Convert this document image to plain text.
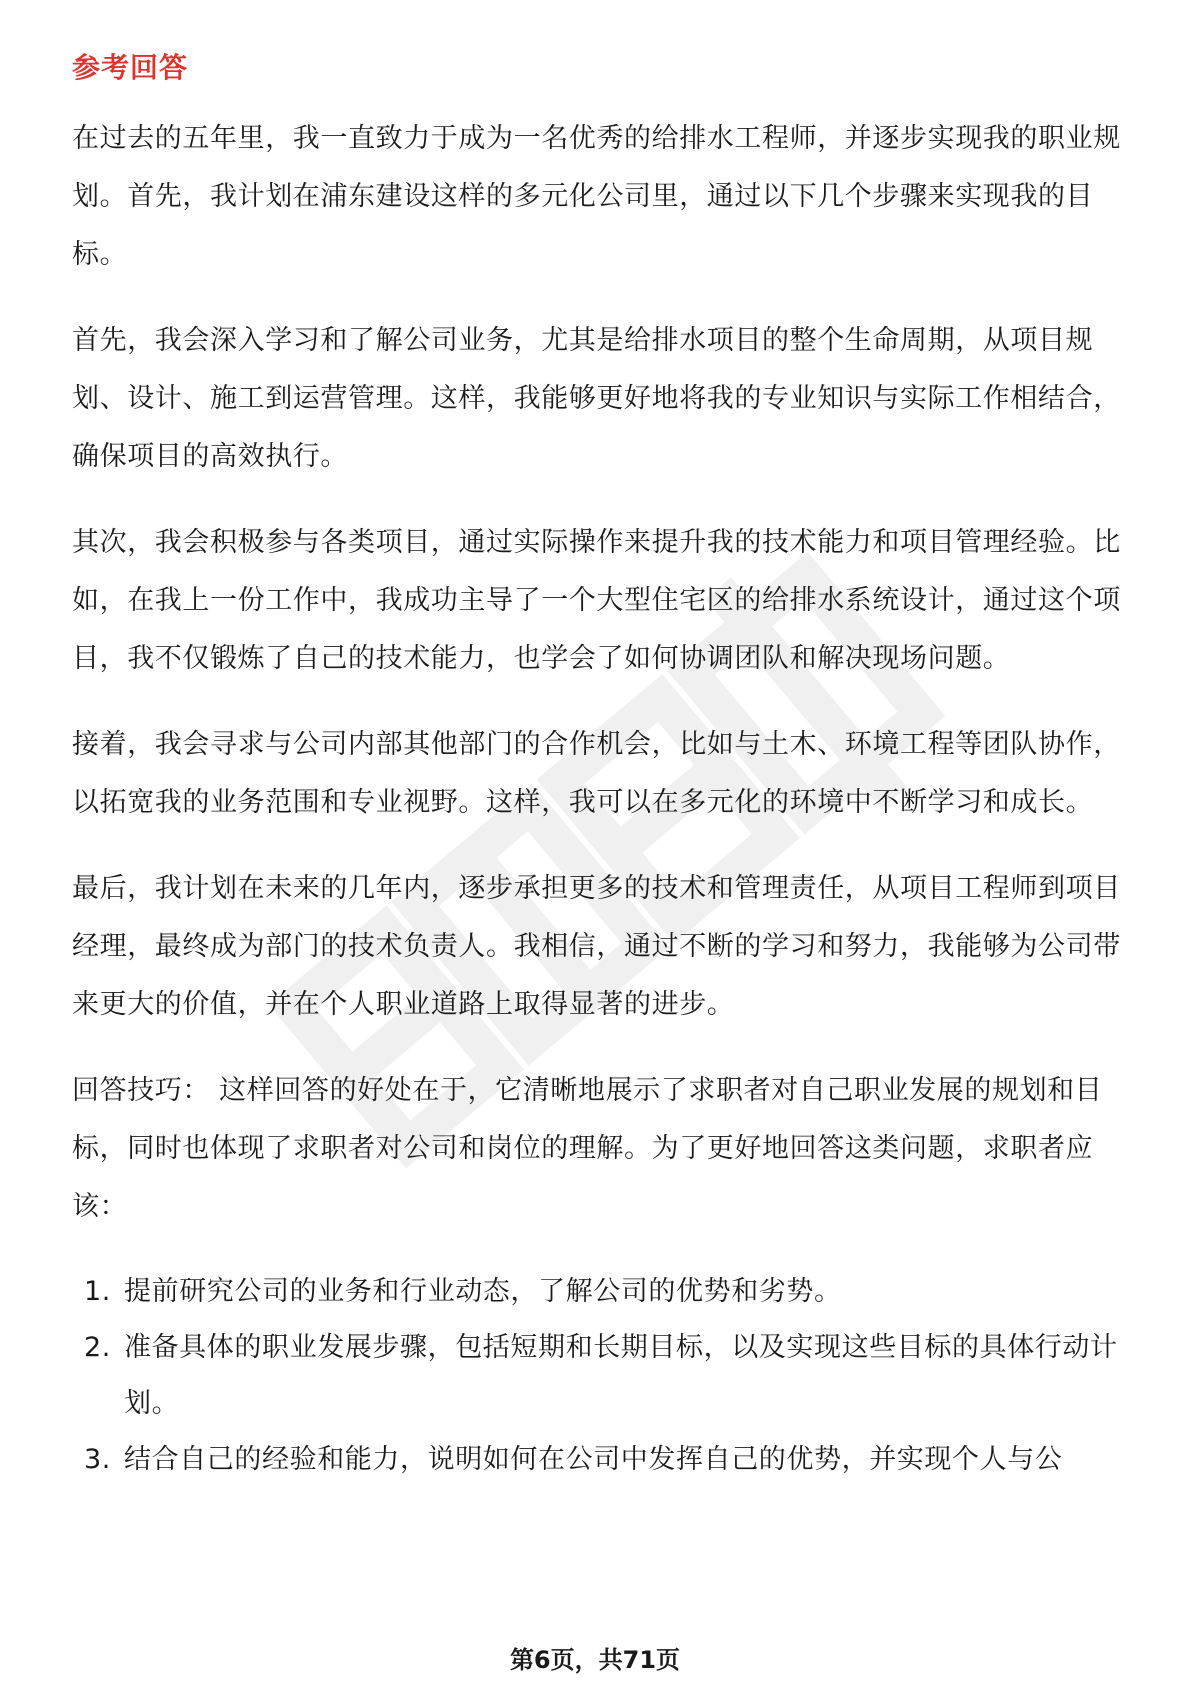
参考回答

在过去的五年里，我一直致力于成为一名优秀的给排水工程师，并逐步实现我的职业规划。首先，我计划在浦东建设这样的多元化公司里，通过以下几个步骤来实现我的目标。

首先，我会深入学习和了解公司业务，尤其是给排水项目的整个生命周期，从项目规划、设计、施工到运营管理。这样，我能够更好地将我的专业知识与实际工作相结合，确保项目的高效执行。

其次，我会积极参与各类项目，通过实际操作来提升我的技术能力和项目管理经验。比如，在我上一份工作中，我成功主导了一个大型住宅区的给排水系统设计，通过这个项目，我不仅锻炼了自己的技术能力，也学会了如何协调团队和解决现场问题。

接着，我会寻求与公司内部其他部门的合作机会，比如与土木、环境工程等团队协作，以拓宽我的业务范围和专业视野。这样，我可以在多元化的环境中不断学习和成长。

最后，我计划在未来的几年内，逐步承担更多的技术和管理责任，从项目工程师到项目经理，最终成为部门的技术负责人。我相信，通过不断的学习和努力，我能够为公司带来更大的价值，并在个人职业道路上取得显著的进步。

回答技巧： 这样回答的好处在于，它清晰地展示了求职者对自己职业发展的规划和目标，同时也体现了求职者对公司和岗位的理解。为了更好地回答这类问题，求职者应该：

1. 提前研究公司的业务和行业动态，了解公司的优势和劣势。
2. 准备具体的职业发展步骤，包括短期和长期目标，以及实现这些目标的具体行动计划。
3. 结合自己的经验和能力，说明如何在公司中发挥自己的优势，并实现个人与公
第6页，共71页
